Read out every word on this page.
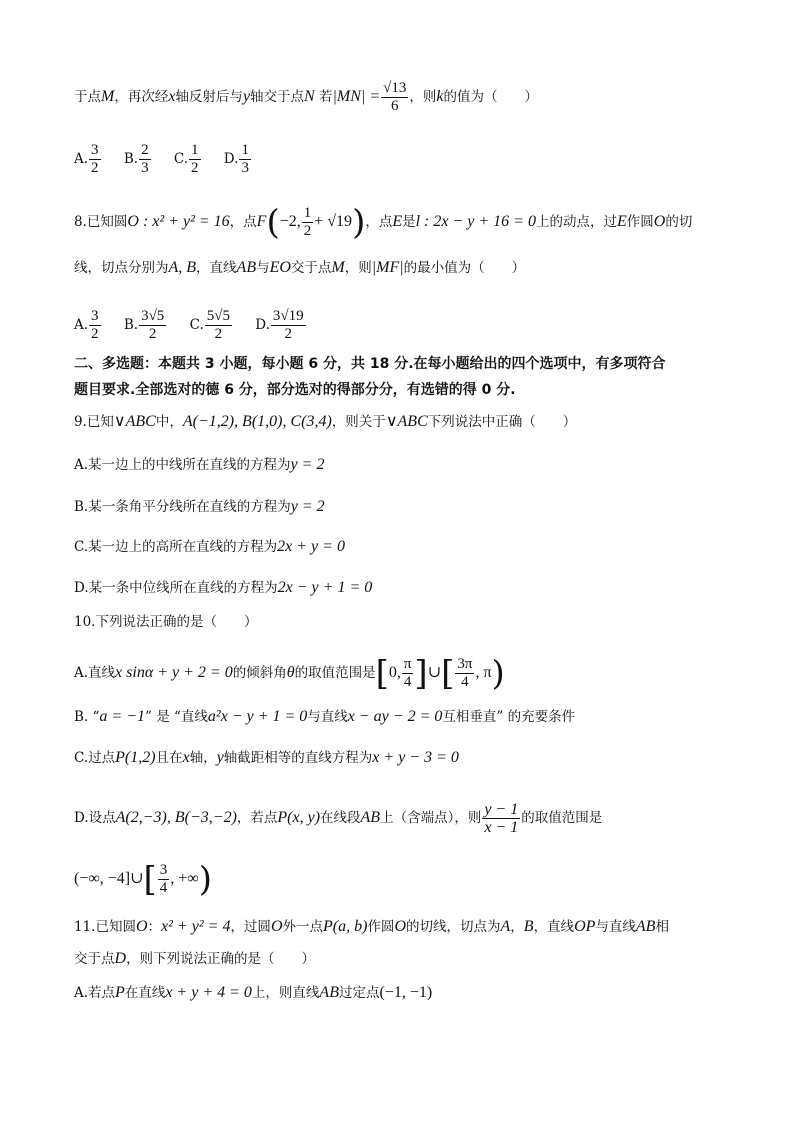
于点M，再次经x轴反射后与y轴交于点N 若$|MN| = \frac{√13}{6}$ ，则k的值为（　　）
A. $\frac{3}{2} B$. $\frac{2}{3} C$. $\frac{1}{2} D$. $\frac{1}{3}$
8.已知圆O : x² + y² = 16，点F(−2, $\frac{1}{2} + √19$)，点E是l : 2x − y + 16 = 0上的动点，过E作圆O的切
线，切点分别为A, B，直线AB与EO交于点M，则|MF|的最小值为（　　）
A. $\frac{3}{2} B$. $\frac{3√5}{2} C$. $\frac{5√5}{2} D$. $\frac{3√19}{2}$
二、多选题：本题共 3 小题，每小题 6 分，共 18 分.在每小题给出的四个选项中，有多项符合
题目要求.全部选对的德 6 分，部分选对的得部分分，有选错的得 0 分.
9.已知∨ABC中，A(−1,2), B(1,0), C(3,4)，则关于∨ABC下列说法中正确（　　）
A.某一边上的中线所在直线的方程为y = 2
B.某一条角平分线所在直线的方程为y = 2
C.某一边上的高所在直线的方程为2x + y = 0
D.某一条中位线所在直线的方程为2x − y + 1 = 0
10.下列说法正确的是（　　）
A.直线x sinα + y + 2 = 0的倾斜角θ的取值范围是[0, $\frac{\pi}{4}$ ]∪[ $\frac{3\pi}{4}$ , π)
B. “a = −1” 是 “直线a²x − y + 1 = 0与直线x − ay − 2 = 0互相垂直” 的充要条件
C.过点P(1,2)且在x轴，y轴截距相等的直线方程为x + y − 3 = 0
D.设点A(2,−3), B(−3,−2)，若点P(x, y)在线段AB上（含端点），则 $\frac{y - 1}{x - 1}$ 的取值范围是
(−∞, −4]∪[ $\frac{3}{4}$ , +∞)
11.已知圆O：x² + y² = 4，过圆O外一点P(a, b)作圆O的切线，切点为A，B，直线OP与直线AB相
交于点D，则下列说法正确的是（　　）
A.若点P在直线x + y + 4 = 0上，则直线AB过定点(−1, −1)
